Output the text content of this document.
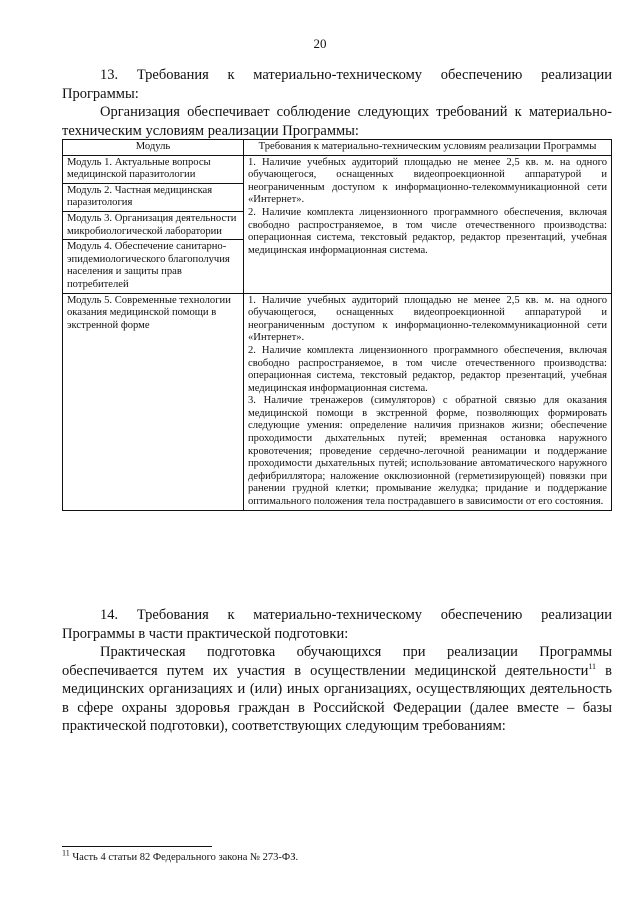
20
13. Требования к материально-техническому обеспечению реализации Программы:
Организация обеспечивает соблюдение следующих требований к материально-техническим условиям реализации Программы:
Модуль	Требования к материально-техническим условиям реализации Программы
Модуль 1. Актуальные вопросы медицинской паразитологии	1. Наличие учебных аудиторий площадью не менее 2,5 кв. м. на одного обучающегося, оснащенных видеопроекционной аппаратурой и неограниченным доступом к информационно-телекоммуникационной сети «Интернет».

2. Наличие комплекта лицензионного программного обеспечения, включая свободно распространяемое, в том числе отечественного производства: операционная система, текстовый редактор, редактор презентаций, учебная медицинская информационная система.

Модуль 2. Частная медицинская паразитология	
Модуль 3. Организация деятельности микробиологической лаборатории	
Модуль 4. Обеспечение санитарно-эпидемиологического благополучия населения и защиты прав потребителей	
Модуль 5. Современные технологии оказания медицинской помощи в экстренной форме	1. Наличие учебных аудиторий площадью не менее 2,5 кв. м. на одного обучающегося, оснащенных видеопроекционной аппаратурой и неограниченным доступом к информационно-телекоммуникационной сети «Интернет».

2. Наличие комплекта лицензионного программного обеспечения, включая свободно распространяемое, в том числе отечественного производства: операционная система, текстовый редактор, редактор презентаций, учебная медицинская информационная система.

3. Наличие тренажеров (симуляторов) с обратной связью для оказания медицинской помощи в экстренной форме, позволяющих формировать следующие умения: определение наличия признаков жизни; обеспечение проходимости дыхательных путей; временная остановка наружного кровотечения; проведение сердечно-легочной реанимации и поддержание проходимости дыхательных путей; использование автоматического наружного дефибриллятора; наложение окклюзионной (герметизирующей) повязки при ранении грудной клетки; промывание желудка; придание и поддержание оптимального положения тела пострадавшего в зависимости от его состояния.

14. Требования к материально-техническому обеспечению реализации Программы в части практической подготовки:
Практическая подготовка обучающихся при реализации Программы обеспечивается путем их участия в осуществлении медицинской деятельности$^{11}$ в медицинских организациях и (или) иных организациях, осуществляющих деятельность в сфере охраны здоровья граждан в Российской Федерации (далее вместе – базы практической подготовки), соответствующих следующим требованиям:
$^{11}$ Часть 4 статьи 82 Федерального закона № 273-ФЗ.
